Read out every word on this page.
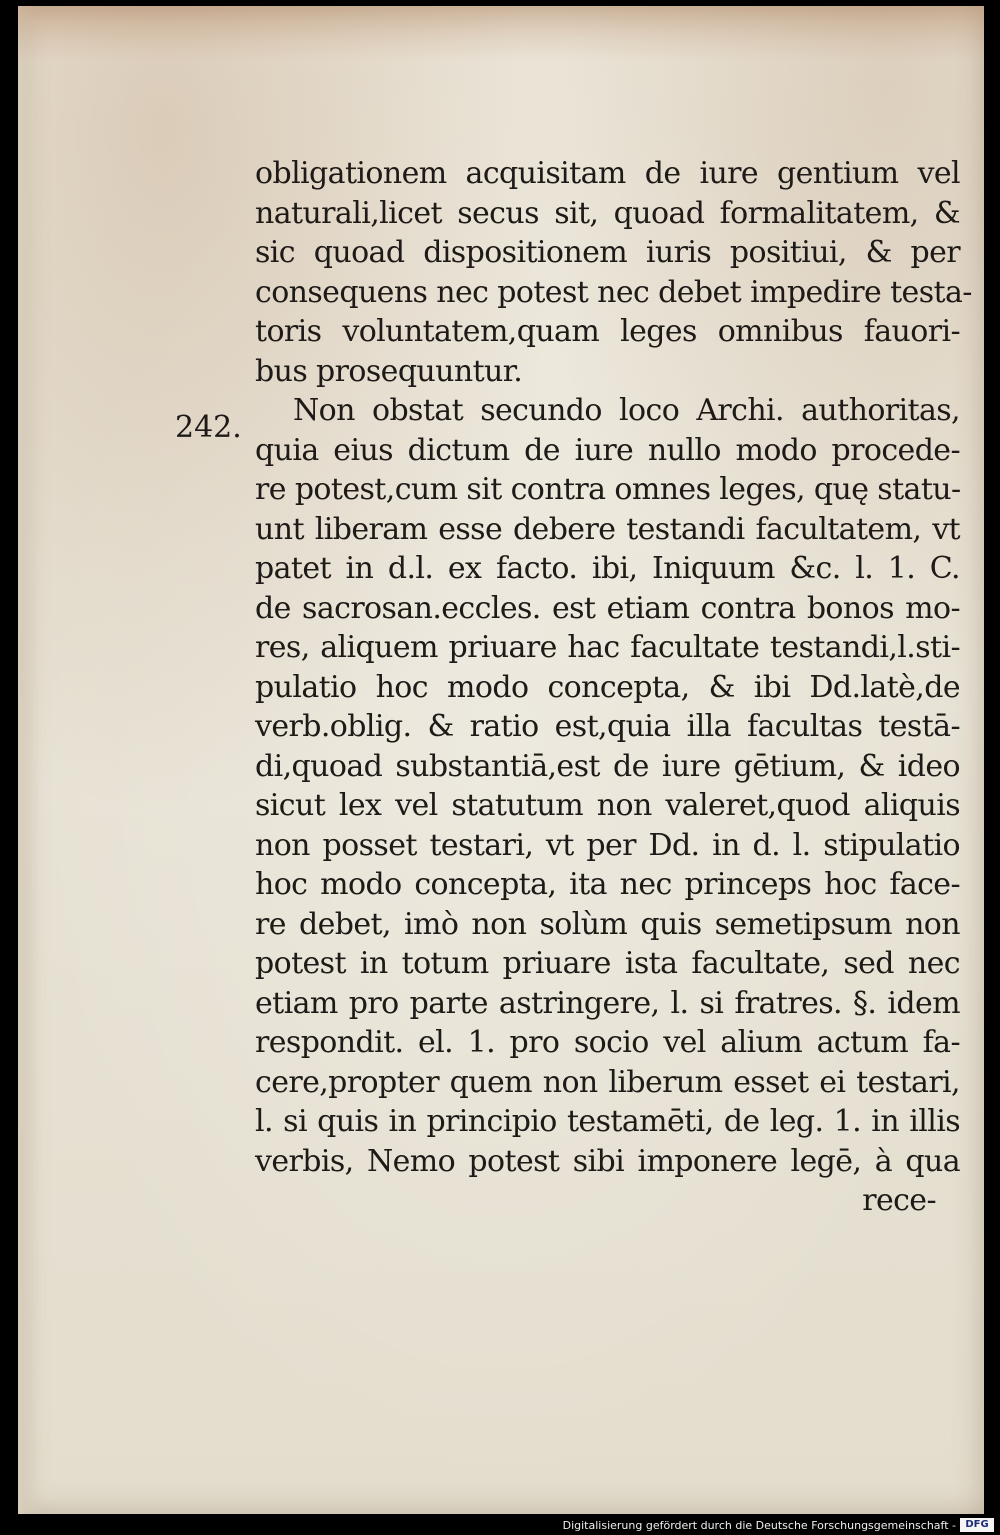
242.
obligationem acquisitam de iure gentium vel
naturali,licet secus sit, quoad formalitatem, &
sic quoad dispositionem iuris positiui, & per
consequens nec potest nec debet impedire testa-
toris voluntatem,quam leges omnibus fauori-
bus prosequuntur.
Non obstat secundo loco Archi. authoritas,
quia eius dictum de iure nullo modo procede-
re potest,cum sit contra omnes leges, quę statu-
unt liberam esse debere testandi facultatem, vt
patet in d.l. ex facto. ibi, Iniquum &c. l. 1. C.
de sacrosan.eccles. est etiam contra bonos mo-
res, aliquem priuare hac facultate testandi,l.sti-
pulatio hoc modo concepta, & ibi Dd.latè,de
verb.oblig. & ratio est,quia illa facultas testā-
di,quoad substantiā,est de iure gētium, & ideo
sicut lex vel statutum non valeret,quod aliquis
non posset testari, vt per Dd. in d. l. stipulatio
hoc modo concepta, ita nec princeps hoc face-
re debet, imò non solùm quis semetipsum non
potest in totum priuare ista facultate, sed nec
etiam pro parte astringere, l. si fratres. §. idem
respondit. el. 1. pro socio vel alium actum fa-
cere,propter quem non liberum esset ei testari,
l. si quis in principio testamēti, de leg. 1. in illis
verbis, Nemo potest sibi imponere legē, à qua
rece-
Digitalisierung gefördert durch die Deutsche Forschungsgemeinschaft - DFG
